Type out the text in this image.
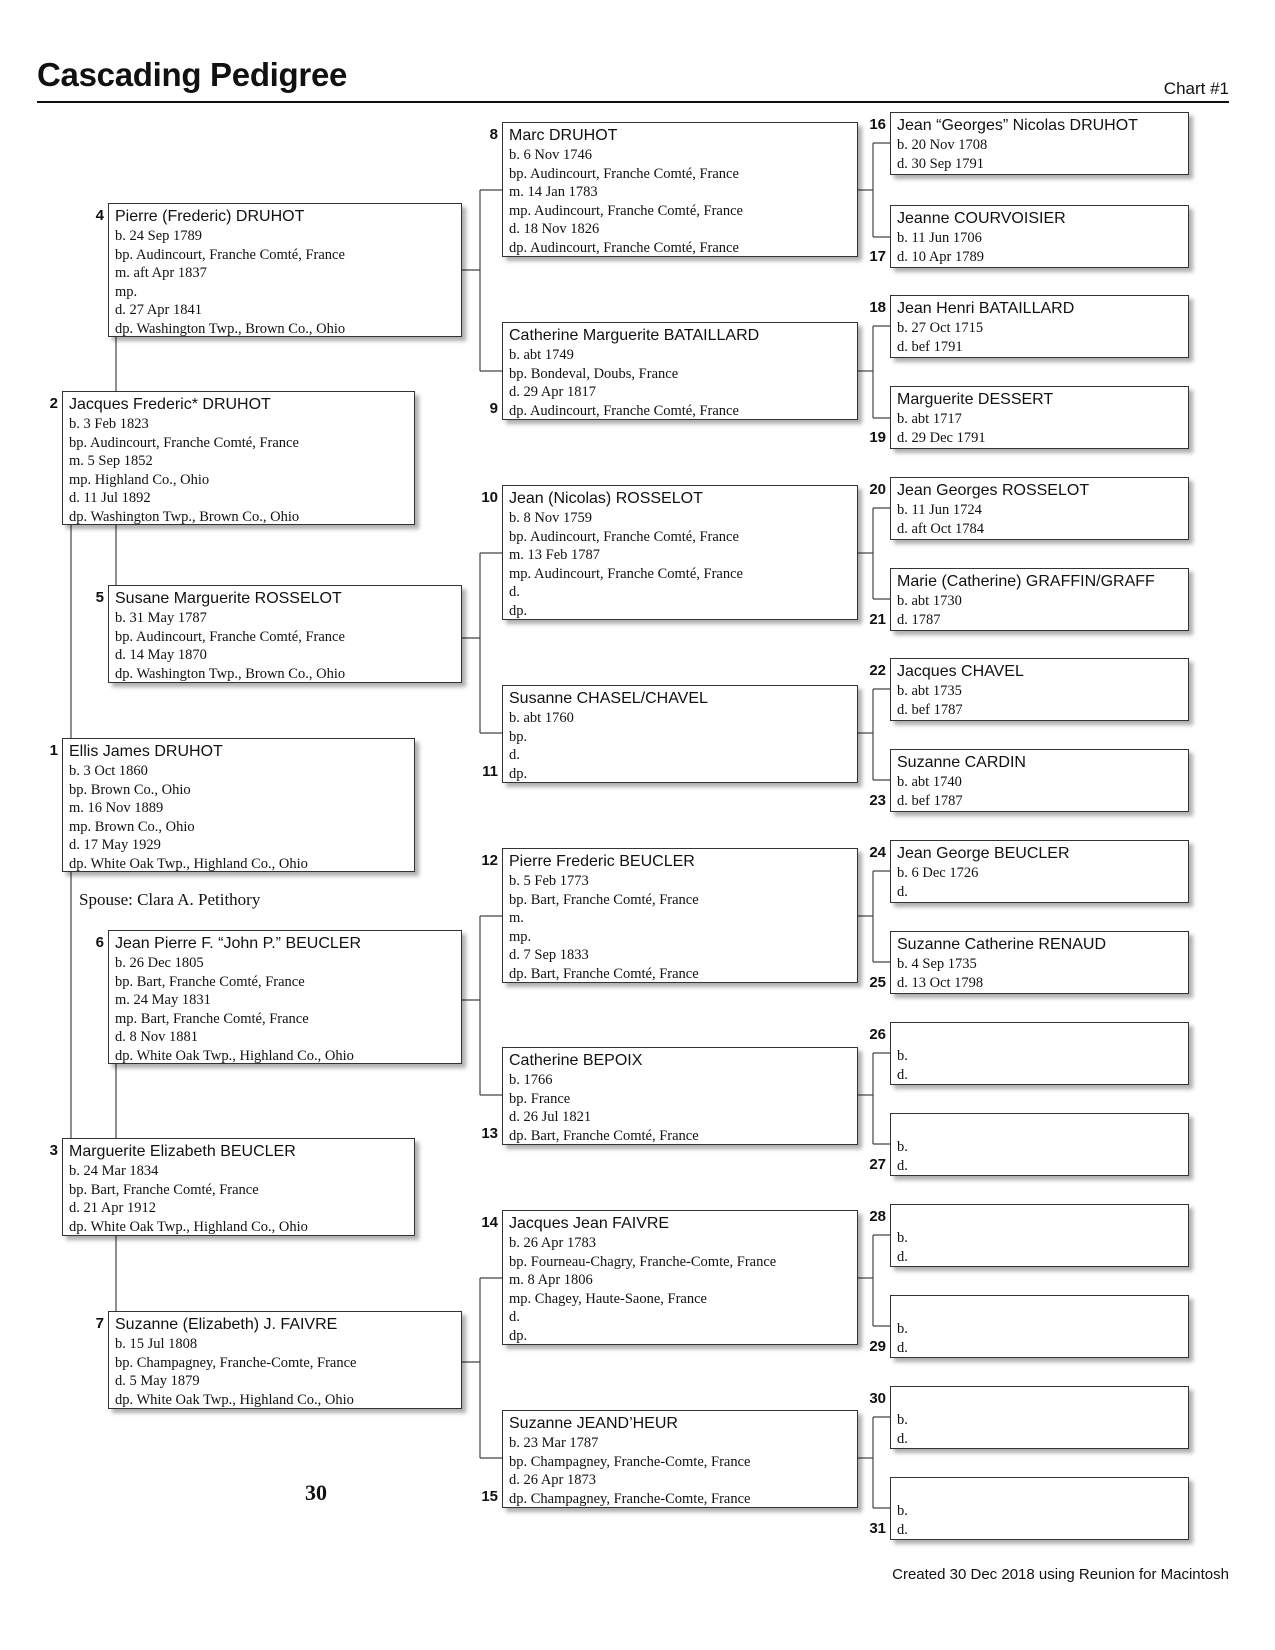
Cascading Pedigree	Chart #1
Ellis James DRUHOT
b. 3 Oct 1860
bp. Brown Co., Ohio
m. 16 Nov 1889
mp. Brown Co., Ohio
d. 17 May 1929
dp. White Oak Twp., Highland Co., Ohio
1
Jacques Frederic* DRUHOT
b. 3 Feb 1823
bp. Audincourt, Franche Comté, France
m. 5 Sep 1852
mp. Highland Co., Ohio
d. 11 Jul 1892
dp. Washington Twp., Brown Co., Ohio
2
Marguerite Elizabeth BEUCLER
b. 24 Mar 1834
bp. Bart, Franche Comté, France
d. 21 Apr 1912
dp. White Oak Twp., Highland Co., Ohio
3
Pierre (Frederic) DRUHOT
b. 24 Sep 1789
bp. Audincourt, Franche Comté, France
m. aft Apr 1837
mp.
d. 27 Apr 1841
dp. Washington Twp., Brown Co., Ohio
4
Susane Marguerite ROSSELOT
b. 31 May 1787
bp. Audincourt, Franche Comté, France
d. 14 May 1870
dp. Washington Twp., Brown Co., Ohio
5
Jean Pierre F. “John P.” BEUCLER
b. 26 Dec 1805
bp. Bart, Franche Comté, France
m. 24 May 1831
mp. Bart, Franche Comté, France
d. 8 Nov 1881
dp. White Oak Twp., Highland Co., Ohio
6
Suzanne (Elizabeth) J. FAIVRE
b. 15 Jul 1808
bp. Champagney, Franche-Comte, France
d. 5 May 1879
dp. White Oak Twp., Highland Co., Ohio
7
Marc DRUHOT
b. 6 Nov 1746
bp. Audincourt, Franche Comté, France
m. 14 Jan 1783
mp. Audincourt, Franche Comté, France
d. 18 Nov 1826
dp. Audincourt, Franche Comté, France
8
Catherine Marguerite BATAILLARD
b. abt 1749
bp. Bondeval, Doubs, France
d. 29 Apr 1817
dp. Audincourt, Franche Comté, France
9
Jean (Nicolas) ROSSELOT
b. 8 Nov 1759
bp. Audincourt, Franche Comté, France
m. 13 Feb 1787
mp. Audincourt, Franche Comté, France
d.
dp.
10
Susanne CHASEL/CHAVEL
b. abt 1760
bp.
d.
dp.
11
Pierre Frederic BEUCLER
b. 5 Feb 1773
bp. Bart, Franche Comté, France
m.
mp.
d. 7 Sep 1833
dp. Bart, Franche Comté, France
12
Catherine BEPOIX
b. 1766
bp. France
d. 26 Jul 1821
dp. Bart, Franche Comté, France
13
Jacques Jean FAIVRE
b. 26 Apr 1783
bp. Fourneau-Chagry, Franche-Comte, France
m. 8 Apr 1806
mp. Chagey, Haute-Saone, France
d.
dp.
14
Suzanne JEAND’HEUR
b. 23 Mar 1787
bp. Champagney, Franche-Comte, France
d. 26 Apr 1873
dp. Champagney, Franche-Comte, France
15
Jean “Georges” Nicolas DRUHOT
b. 20 Nov 1708
d. 30 Sep 1791
16
Jeanne COURVOISIER
b. 11 Jun 1706
d. 10 Apr 1789
17
Jean Henri BATAILLARD
b. 27 Oct 1715
d. bef 1791
18
Marguerite DESSERT
b. abt 1717
d. 29 Dec 1791
19
Jean Georges ROSSELOT
b. 11 Jun 1724
d. aft Oct 1784
20
Marie (Catherine) GRAFFIN/GRAFF
b. abt 1730
d. 1787
21
Jacques CHAVEL
b. abt 1735
d. bef 1787
22
Suzanne CARDIN
b. abt 1740
d. bef 1787
23
Jean George BEUCLER
b. 6 Dec 1726
d.
24
Suzanne Catherine RENAUD
b. 4 Sep 1735
d. 13 Oct 1798
25
b.
d.
26
b.
d.
27
b.
d.
28
b.
d.
29
b.
d.
30
b.
d.
31
Spouse: Clara A. Petithory
30
Created 30 Dec 2018 using Reunion for Macintosh
